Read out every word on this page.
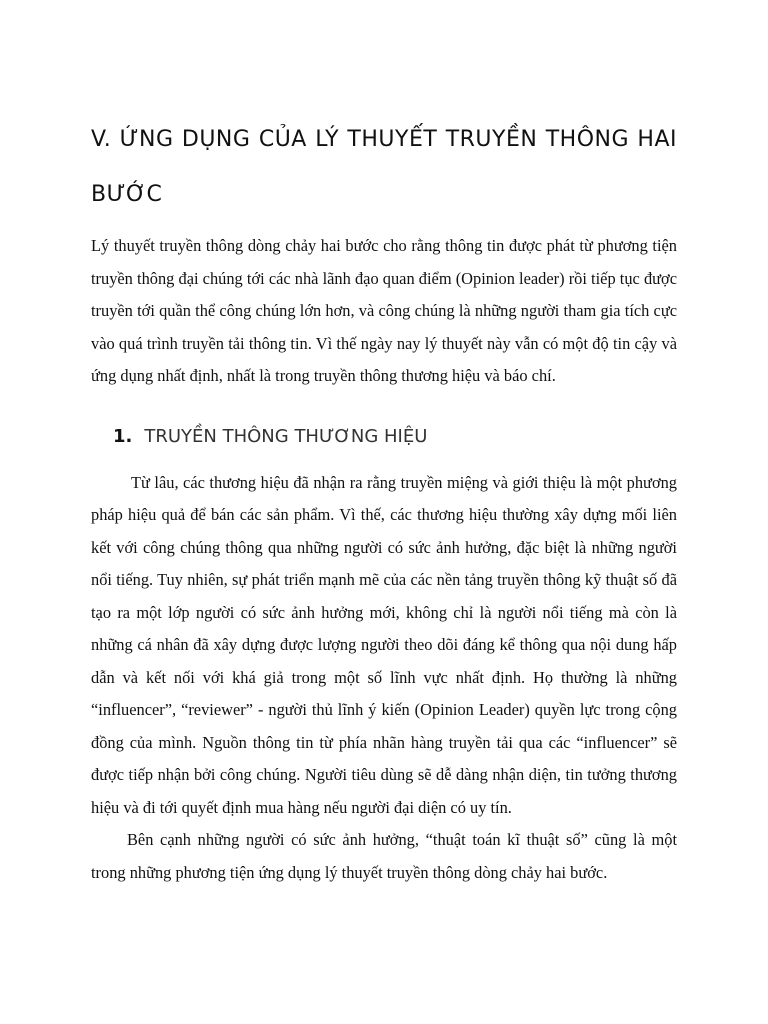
V. ỨNG DỤNG CỦA LÝ THUYẾT TRUYỀN THÔNG HAI BƯỚC

Lý thuyết truyền thông dòng chảy hai bước cho rằng thông tin được phát từ phương tiện truyền thông đại chúng tới các nhà lãnh đạo quan điểm (Opinion leader) rồi tiếp tục được truyền tới quần thể công chúng lớn hơn, và công chúng là những người tham gia tích cực vào quá trình truyền tải thông tin. Vì thế ngày nay lý thuyết này vẫn có một độ tin cậy và ứng dụng nhất định, nhất là trong truyền thông thương hiệu và báo chí.

1. TRUYỀN THÔNG THƯƠNG HIỆU

Từ lâu, các thương hiệu đã nhận ra rằng truyền miệng và giới thiệu là một phương pháp hiệu quả để bán các sản phẩm. Vì thế, các thương hiệu thường xây dựng mối liên kết với công chúng thông qua những người có sức ảnh hưởng, đặc biệt là những người nổi tiếng. Tuy nhiên, sự phát triển mạnh mẽ của các nền tảng truyền thông kỹ thuật số đã tạo ra một lớp người có sức ảnh hưởng mới, không chỉ là người nổi tiếng mà còn là những cá nhân đã xây dựng được lượng người theo dõi đáng kể thông qua nội dung hấp dẫn và kết nối với khá giả trong một số lĩnh vực nhất định. Họ thường là những “influencer”, “reviewer” - người thủ lĩnh ý kiến (Opinion Leader) quyền lực trong cộng đồng của mình. Nguồn thông tin từ phía nhãn hàng truyền tải qua các “influencer” sẽ được tiếp nhận bởi công chúng. Người tiêu dùng sẽ dễ dàng nhận diện, tin tưởng thương hiệu và đi tới quyết định mua hàng nếu người đại diện có uy tín.

Bên cạnh những người có sức ảnh hưởng, “thuật toán kĩ thuật số” cũng là một trong những phương tiện ứng dụng lý thuyết truyền thông dòng chảy hai bước.
